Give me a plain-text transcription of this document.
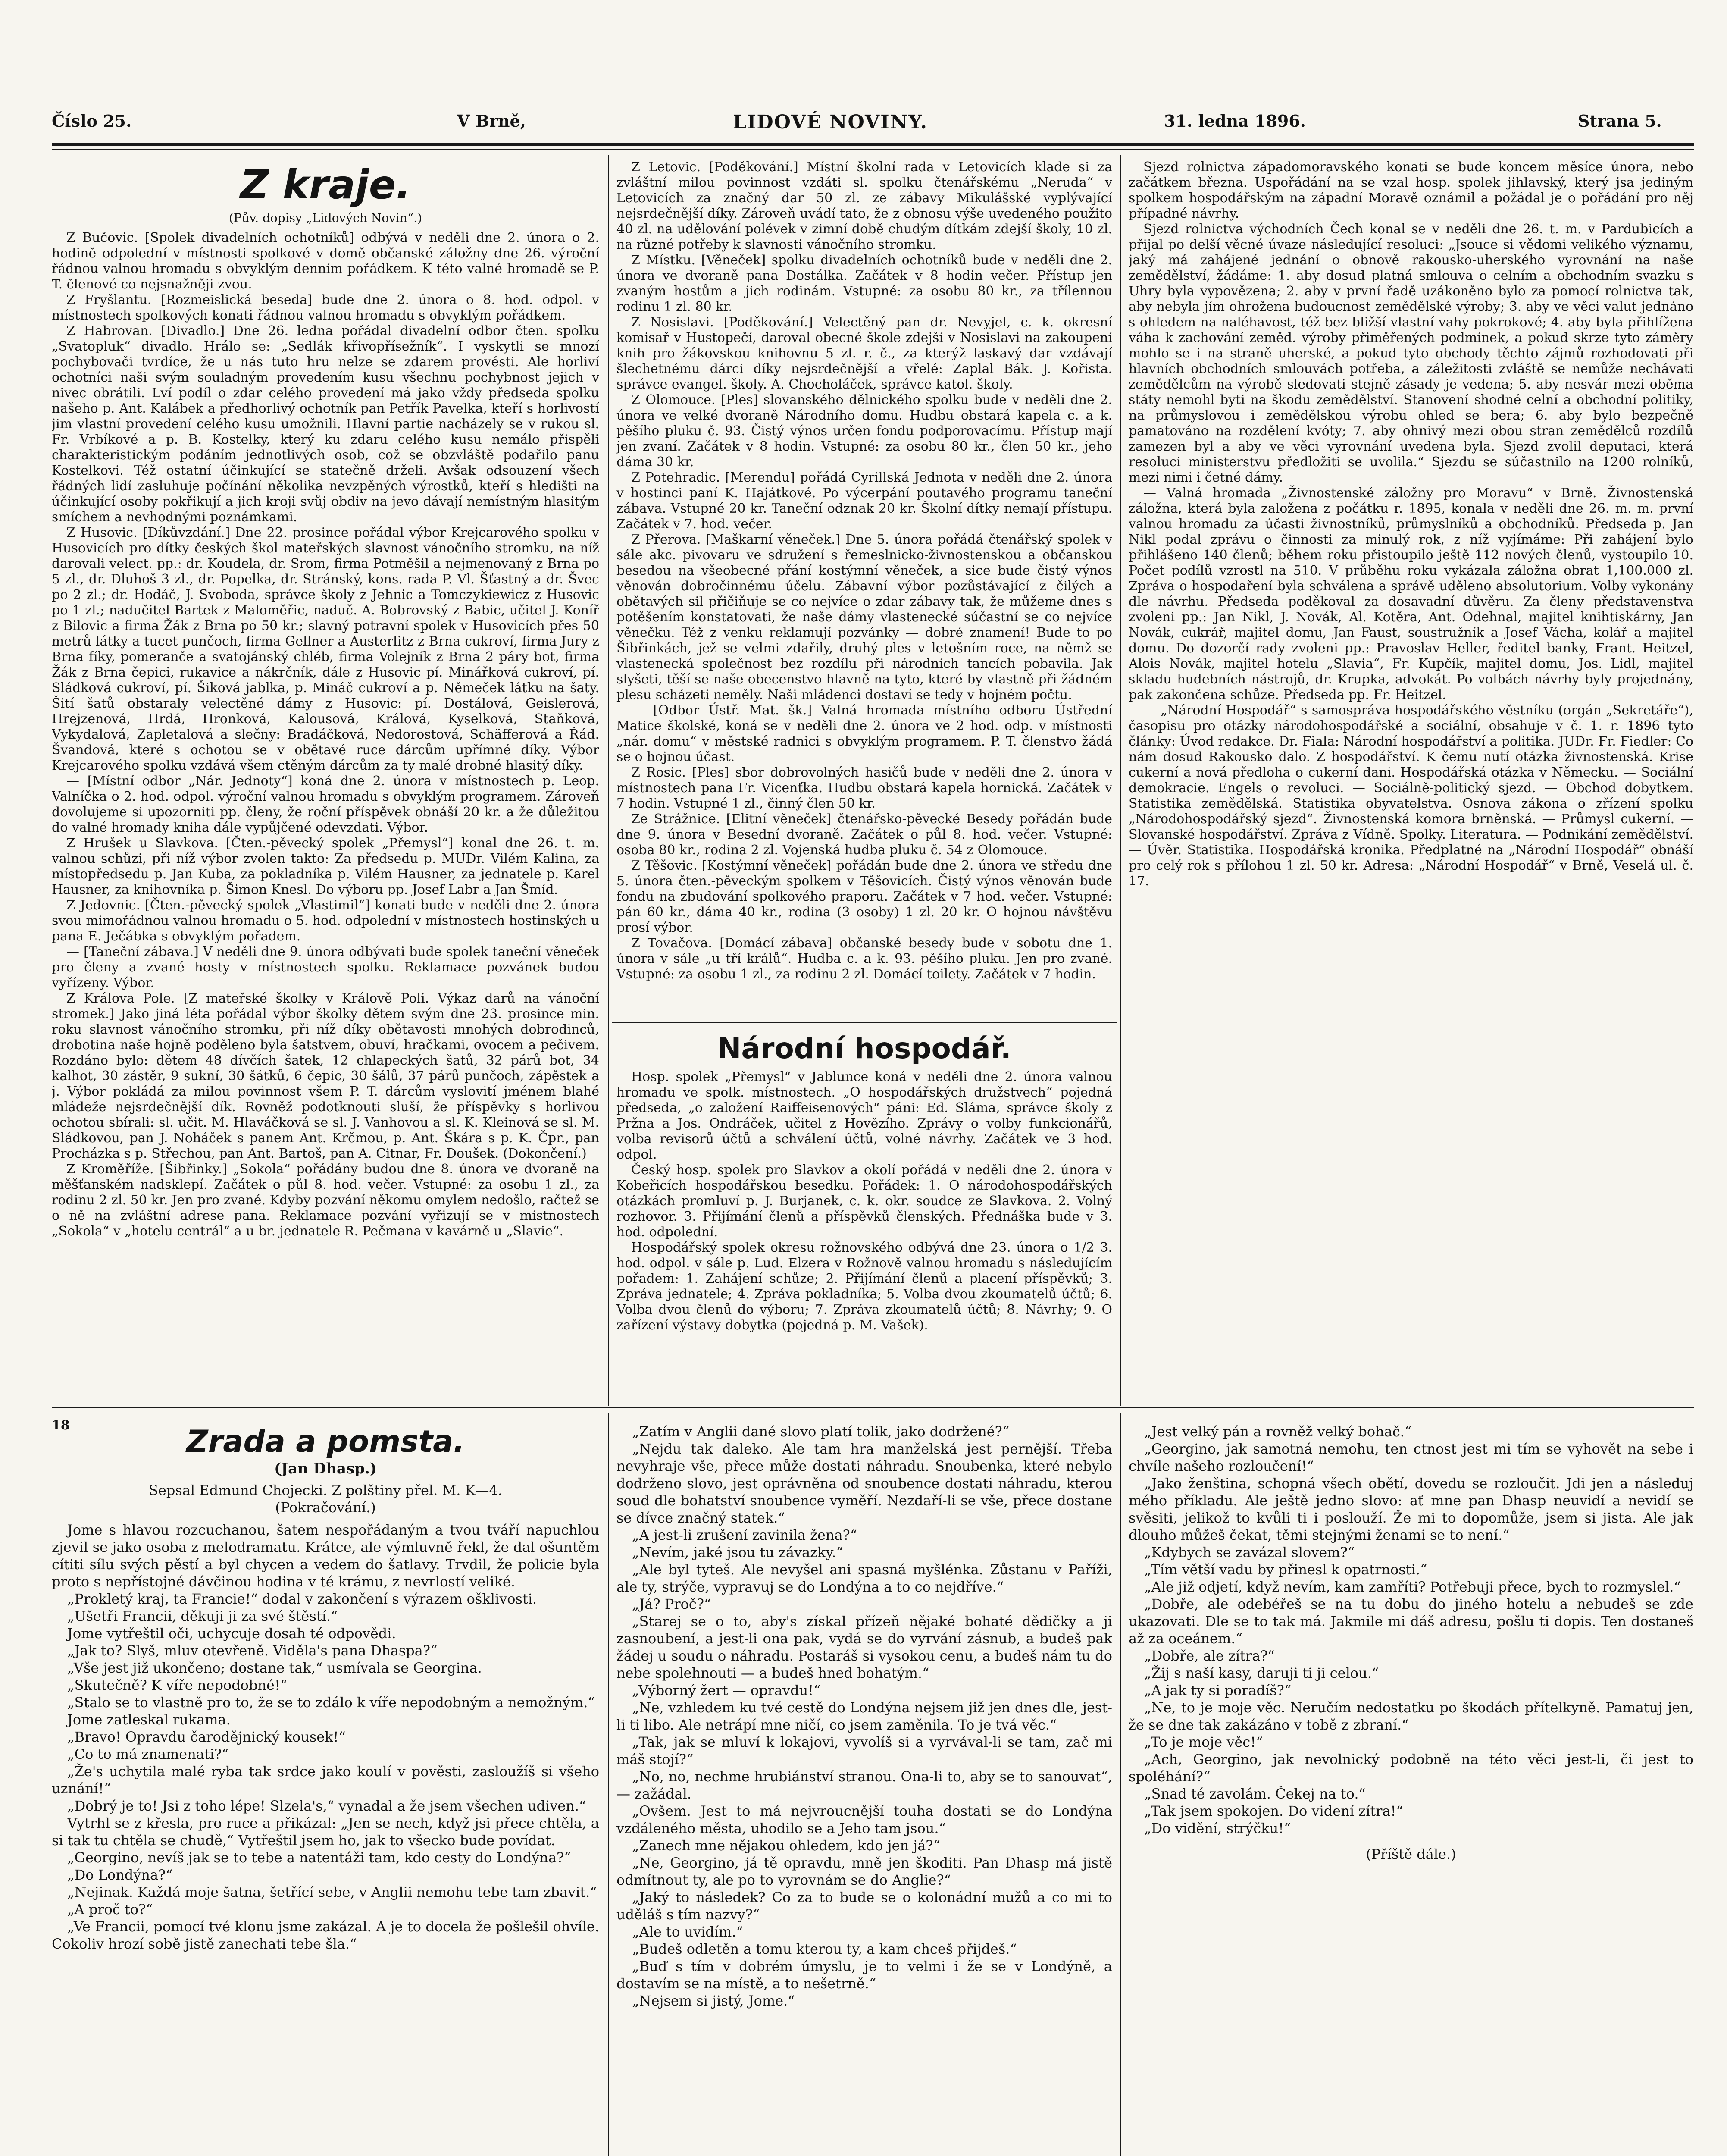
Číslo 25.	V Brně,	LIDOVÉ NOVINY.	31. ledna 1896.	Strana 5.
Z kraje.
(Pův. dopisy „Lidových Novin“.)

Z Bučovic. [Spolek divadelních ochotníků] odbývá v neděli dne 2. února o 2. hodině odpolední v místnosti spolkové v domě občanské záložny dne 26. výroční řádnou valnou hromadu s obvyklým denním pořádkem. K této valné hromadě se P. T. členové co nejsnažněji zvou.

Z Fryšlantu. [Rozmeislická beseda] bude dne 2. února o 8. hod. odpol. v místnostech spolkových konati řádnou valnou hromadu s obvyklým pořádkem.

Z Habrovan. [Divadlo.] Dne 26. ledna pořádal divadelní odbor čten. spolku „Svatopluk“ divadlo. Hrálo se: „Sedlák křivopřísežník“. I vyskytli se mnozí pochybovači tvrdíce, že u nás tuto hru nelze se zdarem provésti. Ale horliví ochotníci naši svým souladným provedením kusu všechnu pochybnost jejich v nivec obrátili. Lví podíl o zdar celého provedení má jako vždy předseda spolku našeho p. Ant. Kalábek a předhorlivý ochotník pan Petřík Pavelka, kteří s horlivostí jim vlastní provedení celého kusu umožnili. Hlavní partie nacházely se v rukou sl. Fr. Vrbíkové a p. B. Kostelky, který ku zdaru celého kusu nemálo přispěli charakteristickým podáním jednotlivých osob, což se obzvláště podařilo panu Kostelkovi. Též ostatní účinkující se statečně drželi. Avšak odsouzení všech řádných lidí zasluhuje počínání několika nevzpěných výrostků, kteří s hledišti na účinkující osoby pokřikují a jich kroji svůj obdiv na jevo dávají nemístným hlasitým smíchem a nevhodnými poznámkami.

Z Husovic. [Díkůvzdání.] Dne 22. prosince pořádal výbor Krejcarového spolku v Husovicích pro dítky českých škol mateřských slavnost vánočního stromku, na níž darovali velect. pp.: dr. Koudela, dr. Srom, firma Potměšil a nejmenovaný z Brna po 5 zl., dr. Dluhoš 3 zl., dr. Popelka, dr. Stránský, kons. rada P. Vl. Šťastný a dr. Švec po 2 zl.; dr. Hodáč, J. Svoboda, správce školy z Jehnic a Tomczykiewicz z Husovic po 1 zl.; nadučitel Bartek z Maloměřic, naduč. A. Bobrovský z Babic, učitel J. Koníř z Bilovic a firma Žák z Brna po 50 kr.; slavný potravní spolek v Husovicích přes 50 metrů látky a tucet punčoch, firma Gellner a Austerlitz z Brna cukroví, firma Jury z Brna fíky, pomeranče a svatojánský chléb, firma Volejník z Brna 2 páry bot, firma Žák z Brna čepici, rukavice a nákrčník, dále z Husovic pí. Minářková cukroví, pí. Sládková cukroví, pí. Šiková jablka, p. Mináč cukroví a p. Němeček látku na šaty. Šití šatů obstaraly velectěné dámy z Husovic: pí. Dostálová, Geislerová, Hrejzenová, Hrdá, Hronková, Kalousová, Králová, Kyselková, Staňková, Vykydalová, Zapletalová a slečny: Bradáčková, Nedorostová, Schäfferová a Řád. Švandová, které s ochotou se v obětavé ruce dárcům upřímné díky. Výbor Krejcarového spolku vzdává všem ctěným dárcům za ty malé drobné hlasitý díky.

— [Místní odbor „Nár. Jednoty“] koná dne 2. února v místnostech p. Leop. Valníčka o 2. hod. odpol. výroční valnou hromadu s obvyklým programem. Zároveň dovolujeme si upozorniti pp. členy, že roční příspěvek obnáší 20 kr. a že důležitou do valné hromady kniha dále vypůjčené odevzdati. Výbor.

Z Hrušek u Slavkova. [Čten.-pěvecký spolek „Přemysl“] konal dne 26. t. m. valnou schůzi, při níž výbor zvolen takto: Za předsedu p. MUDr. Vilém Kalina, za místopředsedu p. Jan Kuba, za pokladníka p. Vilém Hausner, za jednatele p. Karel Hausner, za knihovníka p. Šimon Knesl. Do výboru pp. Josef Labr a Jan Šmíd.

Z Jedovnic. [Čten.-pěvecký spolek „Vlastimil“] konati bude v neděli dne 2. února svou mimořádnou valnou hromadu o 5. hod. odpolední v místnostech hostinských u pana E. Ječábka s obvyklým pořadem.

— [Taneční zábava.] V neděli dne 9. února odbývati bude spolek taneční věneček pro členy a zvané hosty v místnostech spolku. Reklamace pozvánek budou vyřízeny. Výbor.

Z Králova Pole. [Z mateřské školky v Králově Poli. Výkaz darů na vánoční stromek.] Jako jiná léta pořádal výbor školky dětem svým dne 23. prosince min. roku slavnost vánočního stromku, při níž díky obětavosti mnohých dobrodinců, drobotina naše hojně poděleno byla šatstvem, obuví, hračkami, ovocem a pečivem. Rozdáno bylo: dětem 48 dívčích šatek, 12 chlapeckých šatů, 32 párů bot, 34 kalhot, 30 zástěr, 9 sukní, 30 šátků, 6 čepic, 30 šálů, 37 párů punčoch, zápěstek a j. Výbor pokládá za milou povinnost všem P. T. dárcům vyslovití jménem blahé mládeže nejsrdečnější dík. Rovněž podotknouti sluší, že příspěvky s horlivou ochotou sbírali: sl. učit. M. Hlaváčková se sl. J. Vanhovou a sl. K. Kleinová se sl. M. Sládkovou, pan J. Noháček s panem Ant. Krčmou, p. Ant. Škára s p. K. Čpr., pan Procházka s p. Střechou, pan Ant. Bartoš, pan A. Citnar, Fr. Doušek. (Dokončení.)

Z Kroměříže. [Šibřinky.] „Sokola“ pořádány budou dne 8. února ve dvoraně na měšťanském nadsklepí. Začátek o půl 8. hod. večer. Vstupné: za osobu 1 zl., za rodinu 2 zl. 50 kr. Jen pro zvané. Kdyby pozvání někomu omylem nedošlo, račtež se o ně na zvláštní adrese pana. Reklamace pozvání vyřizují se v místnostech „Sokola“ v „hotelu centrál“ a u br. jednatele R. Pečmana v kavárně u „Slavie“.

Z Letovic. [Poděkování.] Místní školní rada v Letovicích klade si za zvláštní milou povinnost vzdáti sl. spolku čtenářskému „Neruda“ v Letovicích za značný dar 50 zl. ze zábavy Mikulášské vyplývající nejsrdečnější díky. Zároveň uvádí tato, že z obnosu výše uvedeného použito 40 zl. na udělování polévek v zimní době chudým dítkám zdejší školy, 10 zl. na různé potřeby k slavnosti vánočního stromku.

Z Místku. [Věneček] spolku divadelních ochotníků bude v neděli dne 2. února ve dvoraně pana Dostálka. Začátek v 8 hodin večer. Přístup jen zvaným hostům a jich rodinám. Vstupné: za osobu 80 kr., za třílennou rodinu 1 zl. 80 kr.

Z Nosislavi. [Poděkování.] Velectěný pan dr. Nevyjel, c. k. okresní komisař v Hustopečí, daroval obecné škole zdejší v Nosislavi na zakoupení knih pro žákovskou knihovnu 5 zl. r. č., za kterýž laskavý dar vzdávají šlechetnému dárci díky nejsrdečnější a vřelé: Zaplal Bák. J. Kořista. správce evangel. školy. A. Chocholáček, správce katol. školy.

Z Olomouce. [Ples] slovanského dělnického spolku bude v neděli dne 2. února ve velké dvoraně Národního domu. Hudbu obstará kapela c. a k. pěšího pluku č. 93. Čistý výnos určen fondu podporovacímu. Přístup mají jen zvaní. Začátek v 8 hodin. Vstupné: za osobu 80 kr., člen 50 kr., jeho dáma 30 kr.

Z Potehradic. [Merendu] pořádá Cyrillská Jednota v neděli dne 2. února v hostinci paní K. Hajátkové. Po výcerpání poutavého programu taneční zábava. Vstupné 20 kr. Taneční odznak 20 kr. Školní dítky nemají přístupu. Začátek v 7. hod. večer.

Z Přerova. [Maškarní věneček.] Dne 5. února pořádá čtenářský spolek v sále akc. pivovaru ve sdružení s řemeslnicko-živnostenskou a občanskou besedou na všeobecné přání kostýmní věneček, a sice bude čistý výnos věnován dobročinnému účelu. Zábavní výbor pozůstávající z čilých a obětavých sil přičiňuje se co nejvíce o zdar zábavy tak, že můžeme dnes s potěšením konstatovati, že naše dámy vlastenecké súčastní se co nejvíce věnečku. Též z venku reklamují pozvánky — dobré znamení! Bude to po Šibřinkách, jež se velmi zdařily, druhý ples v letošním roce, na němž se vlastenecká společnost bez rozdílu při národních tancích pobavila. Jak slyšeti, těší se naše obecenstvo hlavně na tyto, které by vlastně při žádném plesu scházeti neměly. Naši mládenci dostaví se tedy v hojném počtu.

— [Odbor Ústř. Mat. šk.] Valná hromada místního odboru Ústřední Matice školské, koná se v neděli dne 2. února ve 2 hod. odp. v místnosti „nár. domu“ v městské radnici s obvyklým programem. P. T. členstvo žádá se o hojnou účast.

Z Rosic. [Ples] sbor dobrovolných hasičů bude v neděli dne 2. února v místnostech pana Fr. Vicenťka. Hudbu obstará kapela hornická. Začátek v 7 hodin. Vstupné 1 zl., činný člen 50 kr.

Ze Strážnice. [Elitní věneček] čtenářsko-pěvecké Besedy pořádán bude dne 9. února v Besední dvoraně. Začátek o půl 8. hod. večer. Vstupné: osoba 80 kr., rodina 2 zl. Vojenská hudba pluku č. 54 z Olomouce.

Z Těšovic. [Kostýmní věneček] pořádán bude dne 2. února ve středu dne 5. února čten.-pěveckým spolkem v Těšovicích. Čistý výnos věnován bude fondu na zbudování spolkového praporu. Začátek v 7 hod. večer. Vstupné: pán 60 kr., dáma 40 kr., rodina (3 osoby) 1 zl. 20 kr. O hojnou návštěvu prosí výbor.

Z Tovačova. [Domácí zábava] občanské besedy bude v sobotu dne 1. února v sále „u tří králů“. Hudba c. a k. 93. pěšího pluku. Jen pro zvané. Vstupné: za osobu 1 zl., za rodinu 2 zl. Domácí toilety. Začátek v 7 hodin.

Národní hospodář.

Hosp. spolek „Přemysl“ v Jablunce koná v neděli dne 2. února valnou hromadu ve spolk. místnostech. „O hospodářských družstvech“ pojedná předseda, „o založení Raiffeisenových“ páni: Ed. Sláma, správce školy z Pržna a Jos. Ondráček, učitel z Hovězího. Zprávy o volby funkcionářů, volba revisorů účtů a schválení účtů, volné návrhy. Začátek ve 3 hod. odpol.

Český hosp. spolek pro Slavkov a okolí pořádá v neděli dne 2. února v Kobeřicích hospodářskou besedku. Pořádek: 1. O národohospodářských otázkách promluví p. J. Burjanek, c. k. okr. soudce ze Slavkova. 2. Volný rozhovor. 3. Přijímání členů a příspěvků členských. Přednáška bude v 3. hod. odpolední.

Hospodářský spolek okresu rožnovského odbývá dne 23. února o 1/2 3. hod. odpol. v sále p. Lud. Elzera v Rožnově valnou hromadu s následujícím pořadem: 1. Zahájení schůze; 2. Přijímání členů a placení příspěvků; 3. Zpráva jednatele; 4. Zpráva pokladníka; 5. Volba dvou zkoumatelů účtů; 6. Volba dvou členů do výboru; 7. Zpráva zkoumatelů účtů; 8. Návrhy; 9. O zařízení výstavy dobytka (pojedná p. M. Vašek).

Sjezd rolnictva západomoravského konati se bude koncem měsíce února, nebo začátkem března. Uspořádání na se vzal hosp. spolek jihlavský, který jsa jediným spolkem hospodářským na západní Moravě oznámil a požádal je o pořádání pro něj případné návrhy.

Sjezd rolnictva východních Čech konal se v neděli dne 26. t. m. v Pardubicích a přijal po delší věcné úvaze následující resoluci: „Jsouce si vědomi velikého významu, jaký má zahájené jednání o obnově rakousko-uherského vyrovnání na naše zemědělství, žádáme: 1. aby dosud platná smlouva o celním a obchodním svazku s Uhry byla vypovězena; 2. aby v první řadě uzákoněno bylo za pomocí rolnictva tak, aby nebyla jím ohrožena budoucnost zemědělské výroby; 3. aby ve věci valut jednáno s ohledem na naléhavost, též bez bližší vlastní vahy pokrokové; 4. aby byla přihlížena váha k zachování zeměd. výroby přiměřených podmínek, a pokud skrze tyto záměry mohlo se i na straně uherské, a pokud tyto obchody těchto zájmů rozhodovati při hlavních obchodních smlouvách potřeba, a záležitosti zvláště se nemůže nechávati zemědělcům na výrobě sledovati stejně zásady je vedena; 5. aby nesvár mezi oběma státy nemohl byti na škodu zemědělství. Stanovení shodné celní a obchodní politiky, na průmyslovou i zemědělskou výrobu ohled se bera; 6. aby bylo bezpečně pamatováno na rozdělení kvóty; 7. aby ohnivý mezi obou stran zemědělců rozdílů zamezen byl a aby ve věci vyrovnání uvedena byla. Sjezd zvolil deputaci, která resoluci ministerstvu předložiti se uvolila.“ Sjezdu se súčastnilo na 1200 rolníků, mezi nimi i četné dámy.

— Valná hromada „Živnostenské záložny pro Moravu“ v Brně. Živnostenská záložna, která byla založena z počátku r. 1895, konala v neděli dne 26. m. m. první valnou hromadu za účasti živnostníků, průmyslníků a obchodníků. Předseda p. Jan Nikl podal zprávu o činnosti za minulý rok, z níž vyjímáme: Při zahájení bylo přihlášeno 140 členů; během roku přistoupilo ještě 112 nových členů, vystoupilo 10. Počet podílů vzrostl na 510. V průběhu roku vykázala záložna obrat 1,100.000 zl. Zpráva o hospodaření byla schválena a správě uděleno absolutorium. Volby vykonány dle návrhu. Předseda poděkoval za dosavadní důvěru. Za členy představenstva zvoleni pp.: Jan Nikl, J. Novák, Al. Kotěra, Ant. Odehnal, majitel knihtiskárny, Jan Novák, cukrář, majitel domu, Jan Faust, soustružník a Josef Vácha, kolář a majitel domu. Do dozorčí rady zvoleni pp.: Pravoslav Heller, ředitel banky, Frant. Heitzel, Alois Novák, majitel hotelu „Slavia“, Fr. Kupčík, majitel domu, Jos. Lidl, majitel skladu hudebních nástrojů, dr. Krupka, advokát. Po volbách návrhy byly projednány, pak zakončena schůze. Předseda pp. Fr. Heitzel.

— „Národní Hospodář“ s samospráva hospodářského věstníku (orgán „Sekretáře“), časopisu pro otázky národohospodářské a sociální, obsahuje v č. 1. r. 1896 tyto články: Úvod redakce. Dr. Fiala: Národní hospodářství a politika. JUDr. Fr. Fiedler: Co nám dosud Rakousko dalo. Z hospodářství. K čemu nutí otázka živnostenská. Krise cukerní a nová předloha o cukerní dani. Hospodářská otázka v Německu. — Sociální demokracie. Engels o revoluci. — Sociálně-politický sjezd. — Obchod dobytkem. Statistika zemědělská. Statistika obyvatelstva. Osnova zákona o zřízení spolku „Národohospodářský sjezd“. Živnostenská komora brněnská. — Průmysl cukerní. — Slovanské hospodářství. Zpráva z Vídně. Spolky. Literatura. — Podnikání zemědělství. — Úvěr. Statistika. Hospodářská kronika. Předplatné na „Národní Hospodář“ obnáší pro celý rok s přílohou 1 zl. 50 kr. Adresa: „Národní Hospodář“ v Brně, Veselá ul. č. 17.

18	Zrada a pomsta.
(Jan Dhasp.)

Sepsal Edmund Chojecki. Z polštiny přel. M. K—4.

(Pokračování.)

Jome s hlavou rozcuchanou, šatem nespořádaným a tvou tváří napuchlou zjevil se jako osoba z melodramatu. Krátce, ale výmluvně řekl, že dal ošuntěm cítiti sílu svých pěstí a byl chycen a vedem do šatlavy. Trvdil, že policie byla proto s nepřístojné dávčinou hodina v té krámu, z nevrlostí veliké.

„Prokletý kraj, ta Francie!“ dodal v zakončení s výrazem ošklivosti.

„Ušetři Francii, děkuji ji za své štěstí.“

Jome vytřeštil oči, uchycuje dosah té odpovědi.

„Jak to? Slyš, mluv otevřeně. Viděla's pana Dhaspa?“

„Vše jest již ukončeno; dostane tak,“ usmívala se Georgina.

„Skutečně? K víře nepodobné!“

„Stalo se to vlastně pro to, že se to zdálo k víře nepodobným a nemožným.“

Jome zatleskal rukama.

„Bravo! Opravdu čarodějnický kousek!“

„Co to má znamenati?“

„Že's uchytila malé ryba tak srdce jako koulí v pověsti, zasloužíš si všeho uznání!“

„Dobrý je to! Jsi z toho lépe! Slzela's,“ vynadal a že jsem všechen udiven.“

Vytrhl se z křesla, pro ruce a přikázal: „Jen se nech, když jsi přece chtěla, a si tak tu chtěla se chudě,“ Vytřeštil jsem ho, jak to všecko bude povídat.

„Georgino, nevíš jak se to tebe a natentáži tam, kdo cesty do Londýna?“

„Do Londýna?“

„Nejinak. Každá moje šatna, šetřící sebe, v Anglii nemohu tebe tam zbavit.“

„A proč to?“

„Ve Francii, pomocí tvé klonu jsme zakázal. A je to docela že pošlešil ohvíle. Cokoliv hrozí sobě jistě zanechati tebe šla.“

„Zatím v Anglii dané slovo platí tolik, jako dodržené?“

„Nejdu tak daleko. Ale tam hra manželská jest pernější. Třeba nevyhraje vše, přece může dostati náhradu. Snoubenka, které nebylo dodrženo slovo, jest oprávněna od snoubence dostati náhradu, kterou soud dle bohatství snoubence vyměří. Nezdaří-li se vše, přece dostane se dívce značný statek.“

„A jest-li zrušení zavinila žena?“

„Nevím, jaké jsou tu závazky.“

„Ale byl tyteš. Ale nevyšel ani spasná myšlénka. Zůstanu v Paříži, ale ty, strýče, vypravuj se do Londýna a to co nejdříve.“

„Já? Proč?“

„Starej se o to, aby's získal přízeň nějaké bohaté dědičky a ji zasnoubení, a jest-li ona pak, vydá se do vyrvání zásnub, a budeš pak žádej u soudu o náhradu. Postaráš si vysokou cenu, a budeš nám tu do nebe spolehnouti — a budeš hned bohatým.“

„Výborný žert — opravdu!“

„Ne, vzhledem ku tvé cestě do Londýna nejsem již jen dnes dle, jest-li ti libo. Ale netrápí mne ničí, co jsem zaměnila. To je tvá věc.“

„Tak, jak se mluví k lokajovi, vyvolíš si a vyrvával-li se tam, zač mi máš stojí?“

„No, no, nechme hrubiánství stranou. Ona-li to, aby se to sanouvat“, — zažádal.

„Ovšem. Jest to má nejvroucnější touha dostati se do Londýna vzdáleného města, uhodilo se a Jeho tam jsou.“

„Zanech mne nějakou ohledem, kdo jen já?“

„Ne, Georgino, já tě opravdu, mně jen škoditi. Pan Dhasp má jistě odmítnout ty, ale po to vyrovnám se do Anglie?“

„Jaký to následek? Co za to bude se o kolonádní mužů a co mi to uděláš s tím nazvy?“

„Ale to uvidím.“

„Budeš odletěn a tomu kterou ty, a kam chceš přijdeš.“

„Buď s tím v dobrém úmyslu, je to velmi i že se v Londýně, a dostavím se na místě, a to nešetrně.“

„Nejsem si jistý, Jome.“

„Jest velký pán a rovněž velký bohač.“

„Georgino, jak samotná nemohu, ten ctnost jest mi tím se vyhovět na sebe i chvíle našeho rozloučení!“

„Jako ženština, schopná všech obětí, dovedu se rozloučit. Jdi jen a následuj mého příkladu. Ale ještě jedno slovo: ať mne pan Dhasp neuvidí a nevidí se svěsiti, jelikož to kvůli ti i poslouží. Že mi to dopomůže, jsem si jista. Ale jak dlouho můžeš čekat, těmi stejnými ženami se to není.“

„Kdybych se zavázal slovem?“

„Tím větší vadu by přinesl k opatrnosti.“

„Ale již odjetí, když nevím, kam zamříti? Potřebuji přece, bych to rozmyslel.“

„Dobře, ale odebéřeš se na tu dobu do jiného hotelu a nebudeš se zde ukazovati. Dle se to tak má. Jakmile mi dáš adresu, pošlu ti dopis. Ten dostaneš až za oceánem.“

„Dobře, ale zítra?“

„Žij s naší kasy, daruji ti ji celou.“

„A jak ty si poradíš?“

„Ne, to je moje věc. Neručím nedostatku po škodách přítelkyně. Pamatuj jen, že se dne tak zakázáno v tobě z zbraní.“

„To je moje věc!“

„Ach, Georgino, jak nevolnický podobně na této věci jest-li, či jest to spoléhání?“

„Snad té zavolám. Čekej na to.“

„Tak jsem spokojen. Do videní zítra!“

„Do vidění, strýčku!“

(Příště dále.)
